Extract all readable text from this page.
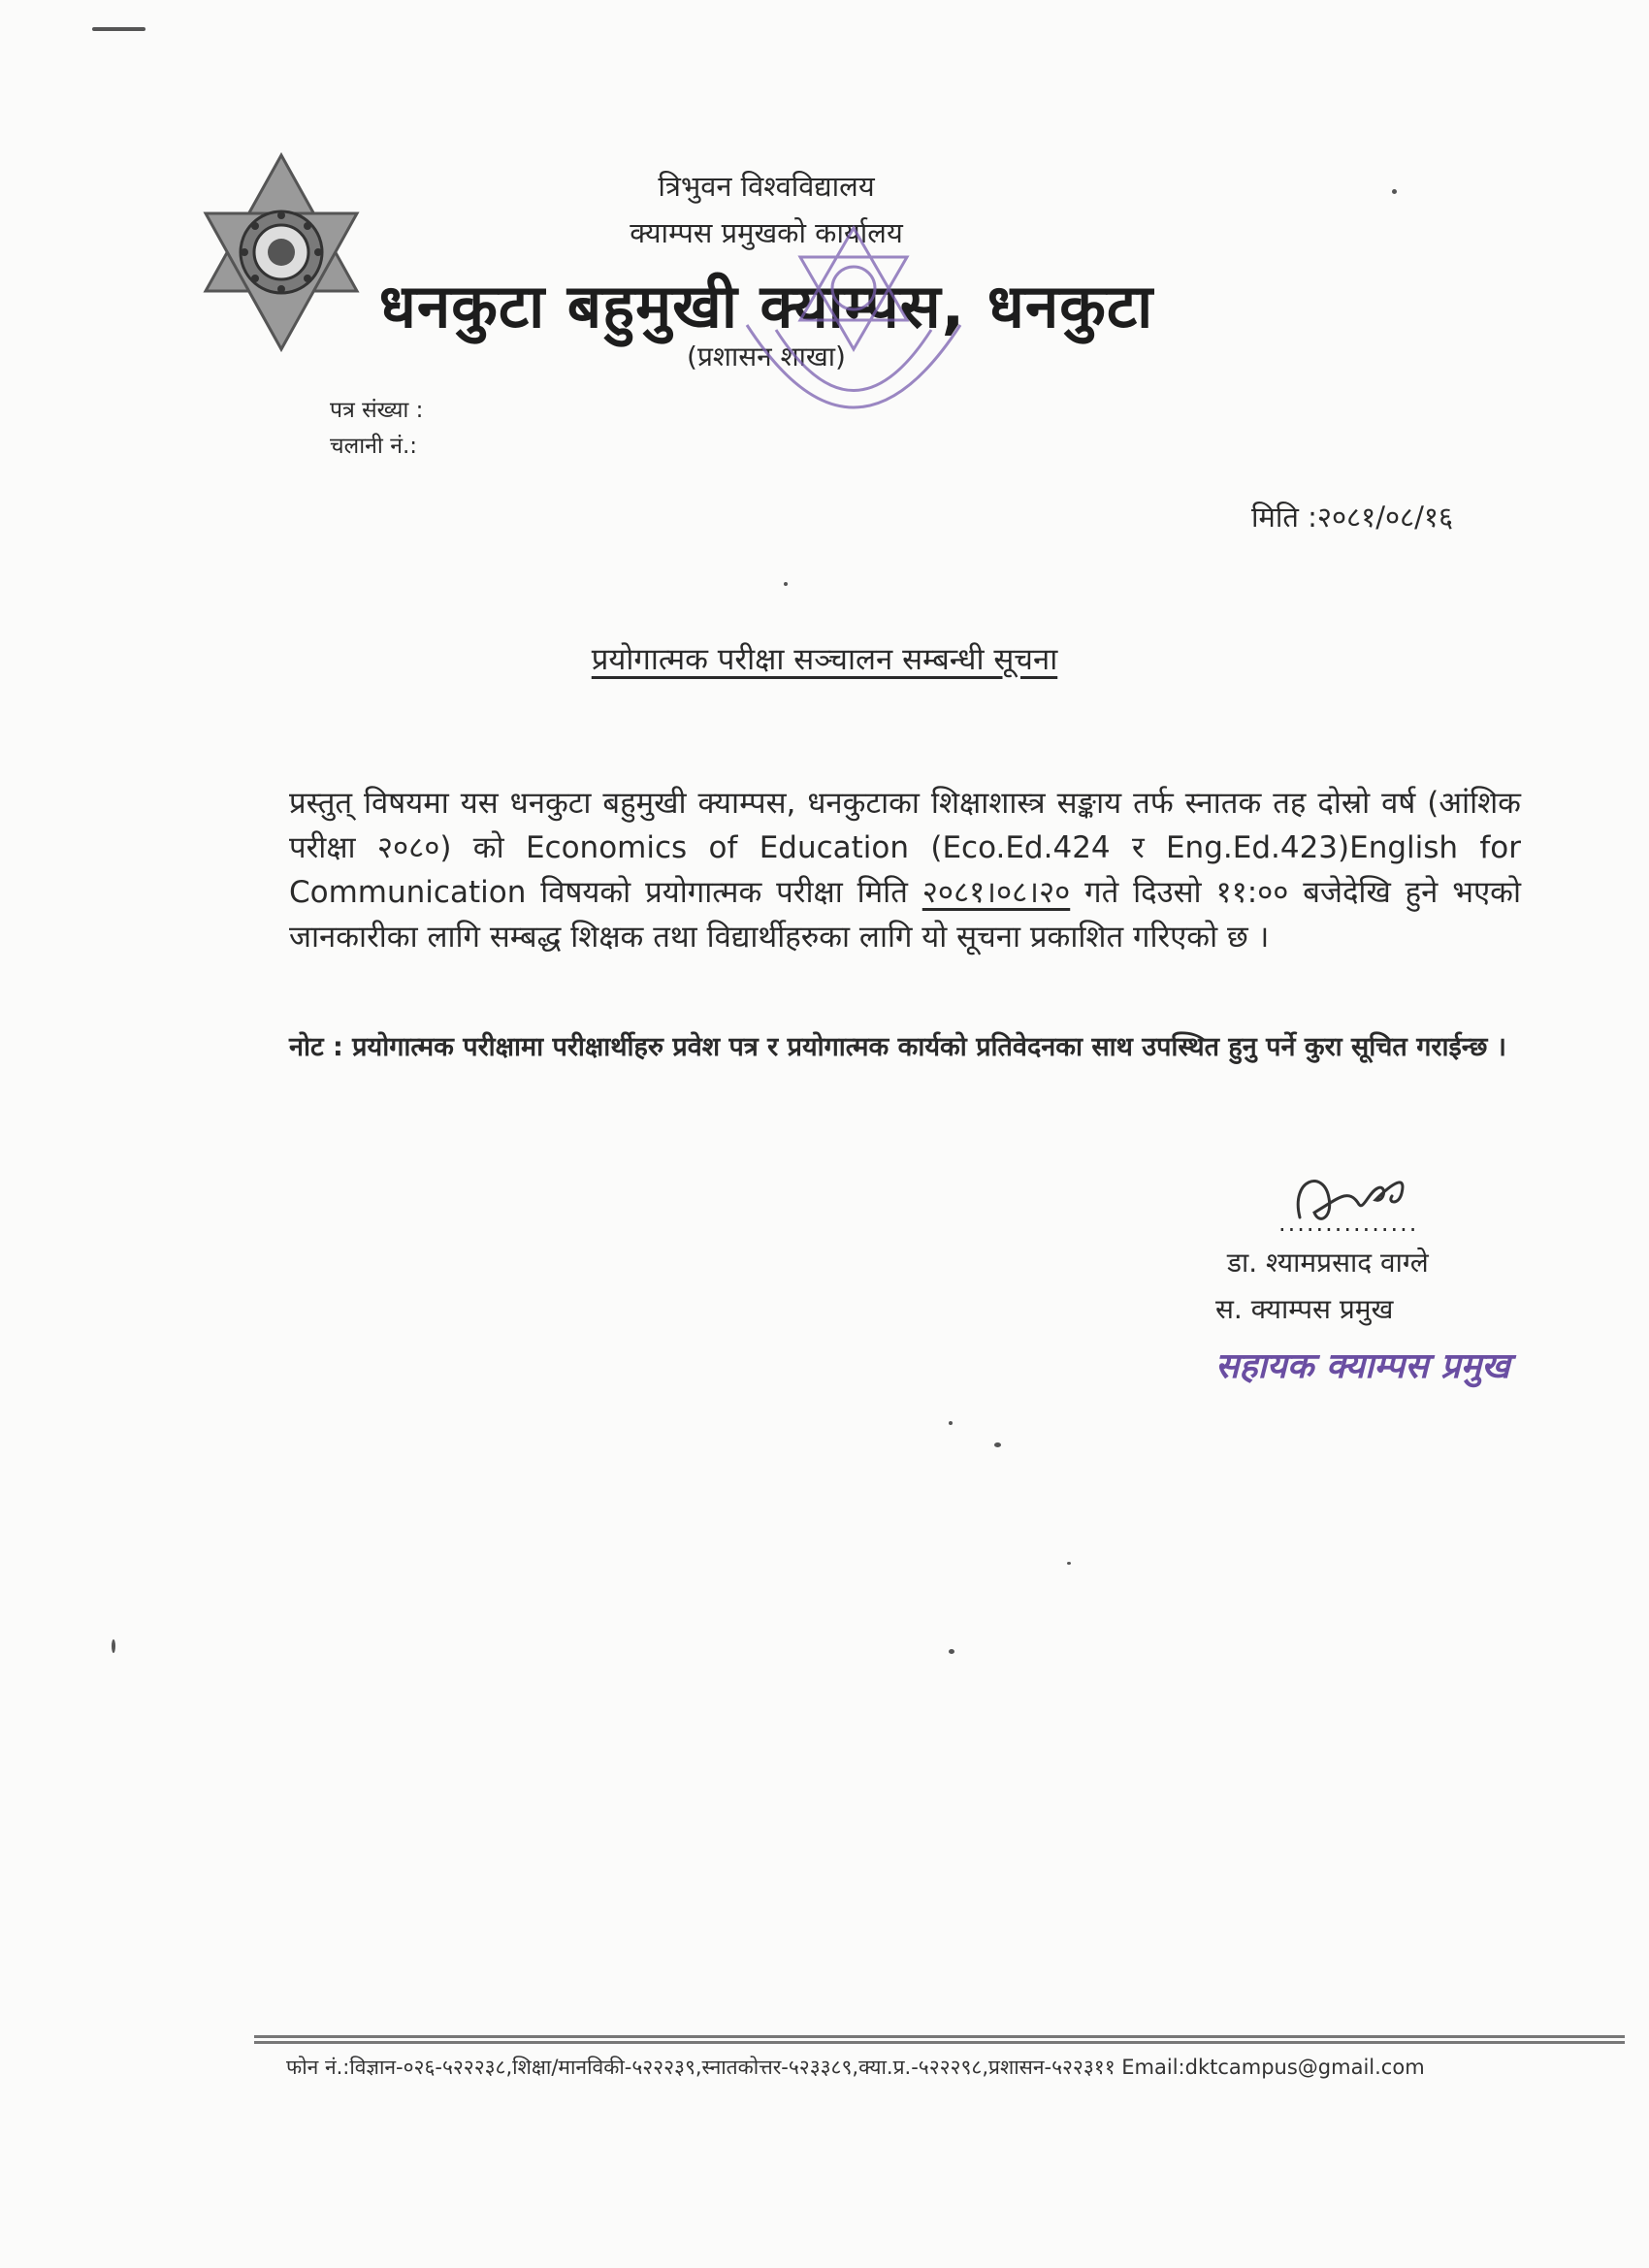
त्रिभुवन विश्वविद्यालय
क्याम्पस प्रमुखको कार्यालय
धनकुटा बहुमुखी क्याम्पस, धनकुटा
(प्रशासन शाखा)
पत्र संख्या :
चलानी नं.:
मिति :२०८१/०८/१६
प्रयोगात्मक परीक्षा सञ्चालन सम्बन्धी सूचना
प्रस्तुत् विषयमा यस धनकुटा बहुमुखी क्याम्पस, धनकुटाका शिक्षाशास्त्र सङ्काय तर्फ स्नातक तह दोस्रो वर्ष (आंशिक परीक्षा २०८०) को Economics of Education (Eco.Ed.424 र Eng.Ed.423)English for Communication विषयको प्रयोगात्मक परीक्षा मिति २०८१।०८।२० गते दिउसो ११:०० बजेदेखि हुने भएको जानकारीका लागि सम्बद्ध शिक्षक तथा विद्यार्थीहरुका लागि यो सूचना प्रकाशित गरिएको छ ।
नोट : प्रयोगात्मक परीक्षामा परीक्षार्थीहरु प्रवेश पत्र र प्रयोगात्मक कार्यको प्रतिवेदनका साथ उपस्थित हुनु पर्ने कुरा सूचित गराईन्छ ।
...............
डा. श्यामप्रसाद वाग्ले
स. क्याम्पस प्रमुख
सहायक क्याम्पस प्रमुख
फोन नं.:विज्ञान-०२६-५२२२३८,शिक्षा/मानविकी-५२२२३९,स्नातकोत्तर-५२३३८९,क्या.प्र.-५२२२९८,प्रशासन-५२२३११ Email:dktcampus@gmail.com
